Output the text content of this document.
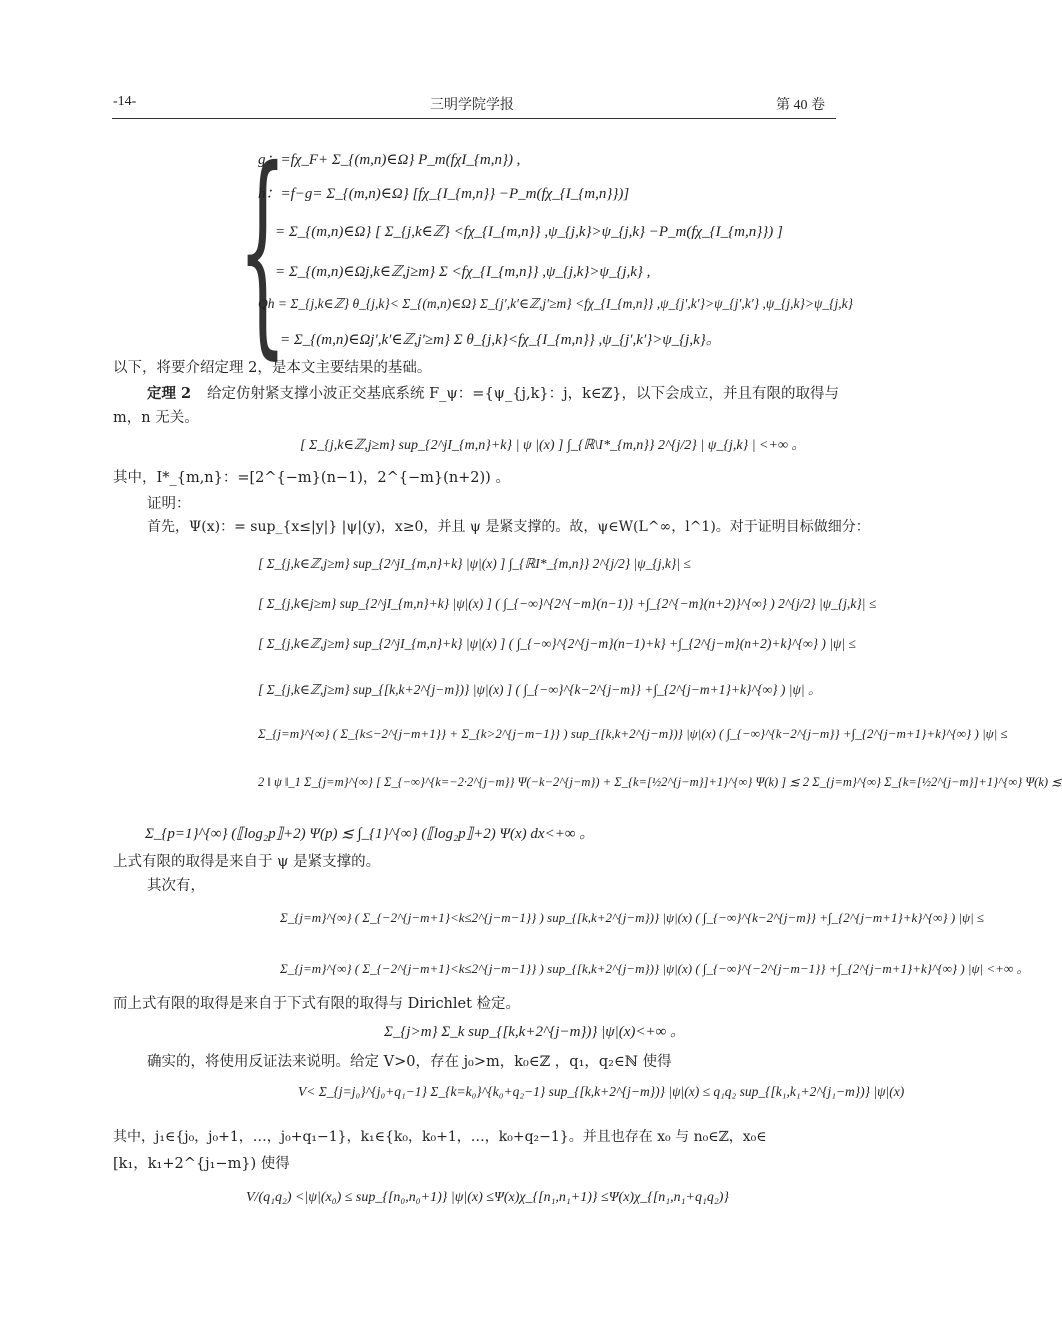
-14-	三明学院学报	第 40 卷
{
g：=fχ_F+ Σ_{(m,n)∈Ω} P_m(fχI_{m,n}) ,
h：=f−g= Σ_{(m,n)∈Ω} [fχ_{I_{m,n}} −P_m(fχ_{I_{m,n}})]
= Σ_{(m,n)∈Ω} [ Σ_{j,k∈ℤ} <fχ_{I_{m,n}} ,ψ_{j,k}>ψ_{j,k} −P_m(fχ_{I_{m,n}}) ]
= Σ_{(m,n)∈Ωj,k∈ℤ,j≥m} Σ <fχ_{I_{m,n}} ,ψ_{j,k}>ψ_{j,k} ,
Qh = Σ_{j,k∈ℤ} θ_{j,k}< Σ_{(m,n)∈Ω} Σ_{j′,k′∈ℤ,j′≥m} <fχ_{I_{m,n}} ,ψ_{j′,k′}>ψ_{j′,k′} ,ψ_{j,k}>ψ_{j,k}
= Σ_{(m,n)∈Ωj′,k′∈ℤ,j′≥m} Σ θ_{j,k}<fχ_{I_{m,n}} ,ψ_{j′,k′}>ψ_{j,k}。
以下，将要介绍定理 2，是本文主要结果的基础。
定理 2 给定仿射紧支撑小波正交基底系统 F_ψ：={ψ_{j,k}：j，k∈ℤ}，以下会成立，并且有限的取得与
m，n 无关。
[ Σ_{j,k∈ℤ,j≥m} sup_{2^jI_{m,n}+k} | ψ |(x) ] ∫_{ℝ\I*_{m,n}} 2^{j/2} | ψ_{j,k} | <+∞ 。
其中，I*_{m,n}：=[2^{−m}(n−1)，2^{−m}(n+2)) 。
证明：
首先，Ψ(x)：= sup_{x≤|y|} |ψ|(y)，x≥0，并且 ψ 是紧支撑的。故，ψ∈W(L^∞，l^1)。对于证明目标做细分：
[ Σ_{j,k∈ℤ,j≥m} sup_{2^jI_{m,n}+k} |ψ|(x) ] ∫_{ℝI*_{m,n}} 2^{j/2} |ψ_{j,k}| ≤
[ Σ_{j,k∈j≥m} sup_{2^jI_{m,n}+k} |ψ|(x) ] ( ∫_{−∞}^{2^{−m}(n−1)} +∫_{2^{−m}(n+2)}^{∞} ) 2^{j/2} |ψ_{j,k}| ≤
[ Σ_{j,k∈ℤ,j≥m} sup_{2^jI_{m,n}+k} |ψ|(x) ] ( ∫_{−∞}^{2^{j−m}(n−1)+k} +∫_{2^{j−m}(n+2)+k}^{∞} ) |ψ| ≤
[ Σ_{j,k∈ℤ,j≥m} sup_{[k,k+2^{j−m})} |ψ|(x) ] ( ∫_{−∞}^{k−2^{j−m}} +∫_{2^{j−m+1}+k}^{∞} ) |ψ| 。
Σ_{j=m}^{∞} ( Σ_{k≤−2^{j−m+1}} + Σ_{k>2^{j−m−1}} ) sup_{[k,k+2^{j−m})} |ψ|(x) ( ∫_{−∞}^{k−2^{j−m}} +∫_{2^{j−m+1}+k}^{∞} ) |ψ| ≤
2 ‖ ψ ‖_1 Σ_{j=m}^{∞} [ Σ_{−∞}^{k=−2·2^{j−m}} Ψ(−k−2^{j−m}) + Σ_{k=[½2^{j−m}]+1}^{∞} Ψ(k) ] ≲ 2 Σ_{j=m}^{∞} Σ_{k=[½2^{j−m}]+1}^{∞} Ψ(k) ≲
Σ_{p=1}^{∞} (⟦log₂p⟧+2) Ψ(p) ≲ ∫_{1}^{∞} (⟦log₂p⟧+2) Ψ(x) dx<+∞ 。
上式有限的取得是来自于 ψ 是紧支撑的。
其次有，
Σ_{j=m}^{∞} ( Σ_{−2^{j−m+1}<k≤2^{j−m−1}} ) sup_{[k,k+2^{j−m})} |ψ|(x) ( ∫_{−∞}^{k−2^{j−m}} +∫_{2^{j−m+1}+k}^{∞} ) |ψ| ≤
Σ_{j=m}^{∞} ( Σ_{−2^{j−m+1}<k≤2^{j−m−1}} ) sup_{[k,k+2^{j−m})} |ψ|(x) ( ∫_{−∞}^{−2^{j−m−1}} +∫_{2^{j−m+1}+k}^{∞} ) |ψ| <+∞ 。
而上式有限的取得是来自于下式有限的取得与 Dirichlet 检定。
Σ_{j>m} Σ_k sup_{[k,k+2^{j−m})} |ψ|(x)<+∞ 。
确实的，将使用反证法来说明。给定 V>0，存在 j₀>m，k₀∈ℤ ，q₁，q₂∈ℕ 使得
V< Σ_{j=j₀}^{j₀+q₁−1} Σ_{k=k₀}^{k₀+q₂−1} sup_{[k,k+2^{j−m})} |ψ|(x) ≤ q₁q₂ sup_{[k₁,k₁+2^{j₁−m})} |ψ|(x)
其中，j₁∈{j₀，j₀+1，…，j₀+q₁−1}，k₁∈{k₀，k₀+1，…，k₀+q₂−1}。并且也存在 x₀ 与 n₀∈ℤ，x₀∈
[k₁，k₁+2^{j₁−m}) 使得
V/(q₁q₂) <|ψ|(x₀) ≤ sup_{[n₀,n₀+1)} |ψ|(x) ≤Ψ(x)χ_{[n₁,n₁+1)} ≤Ψ(x)χ_{[n₁,n₁+q₁q₂)}
